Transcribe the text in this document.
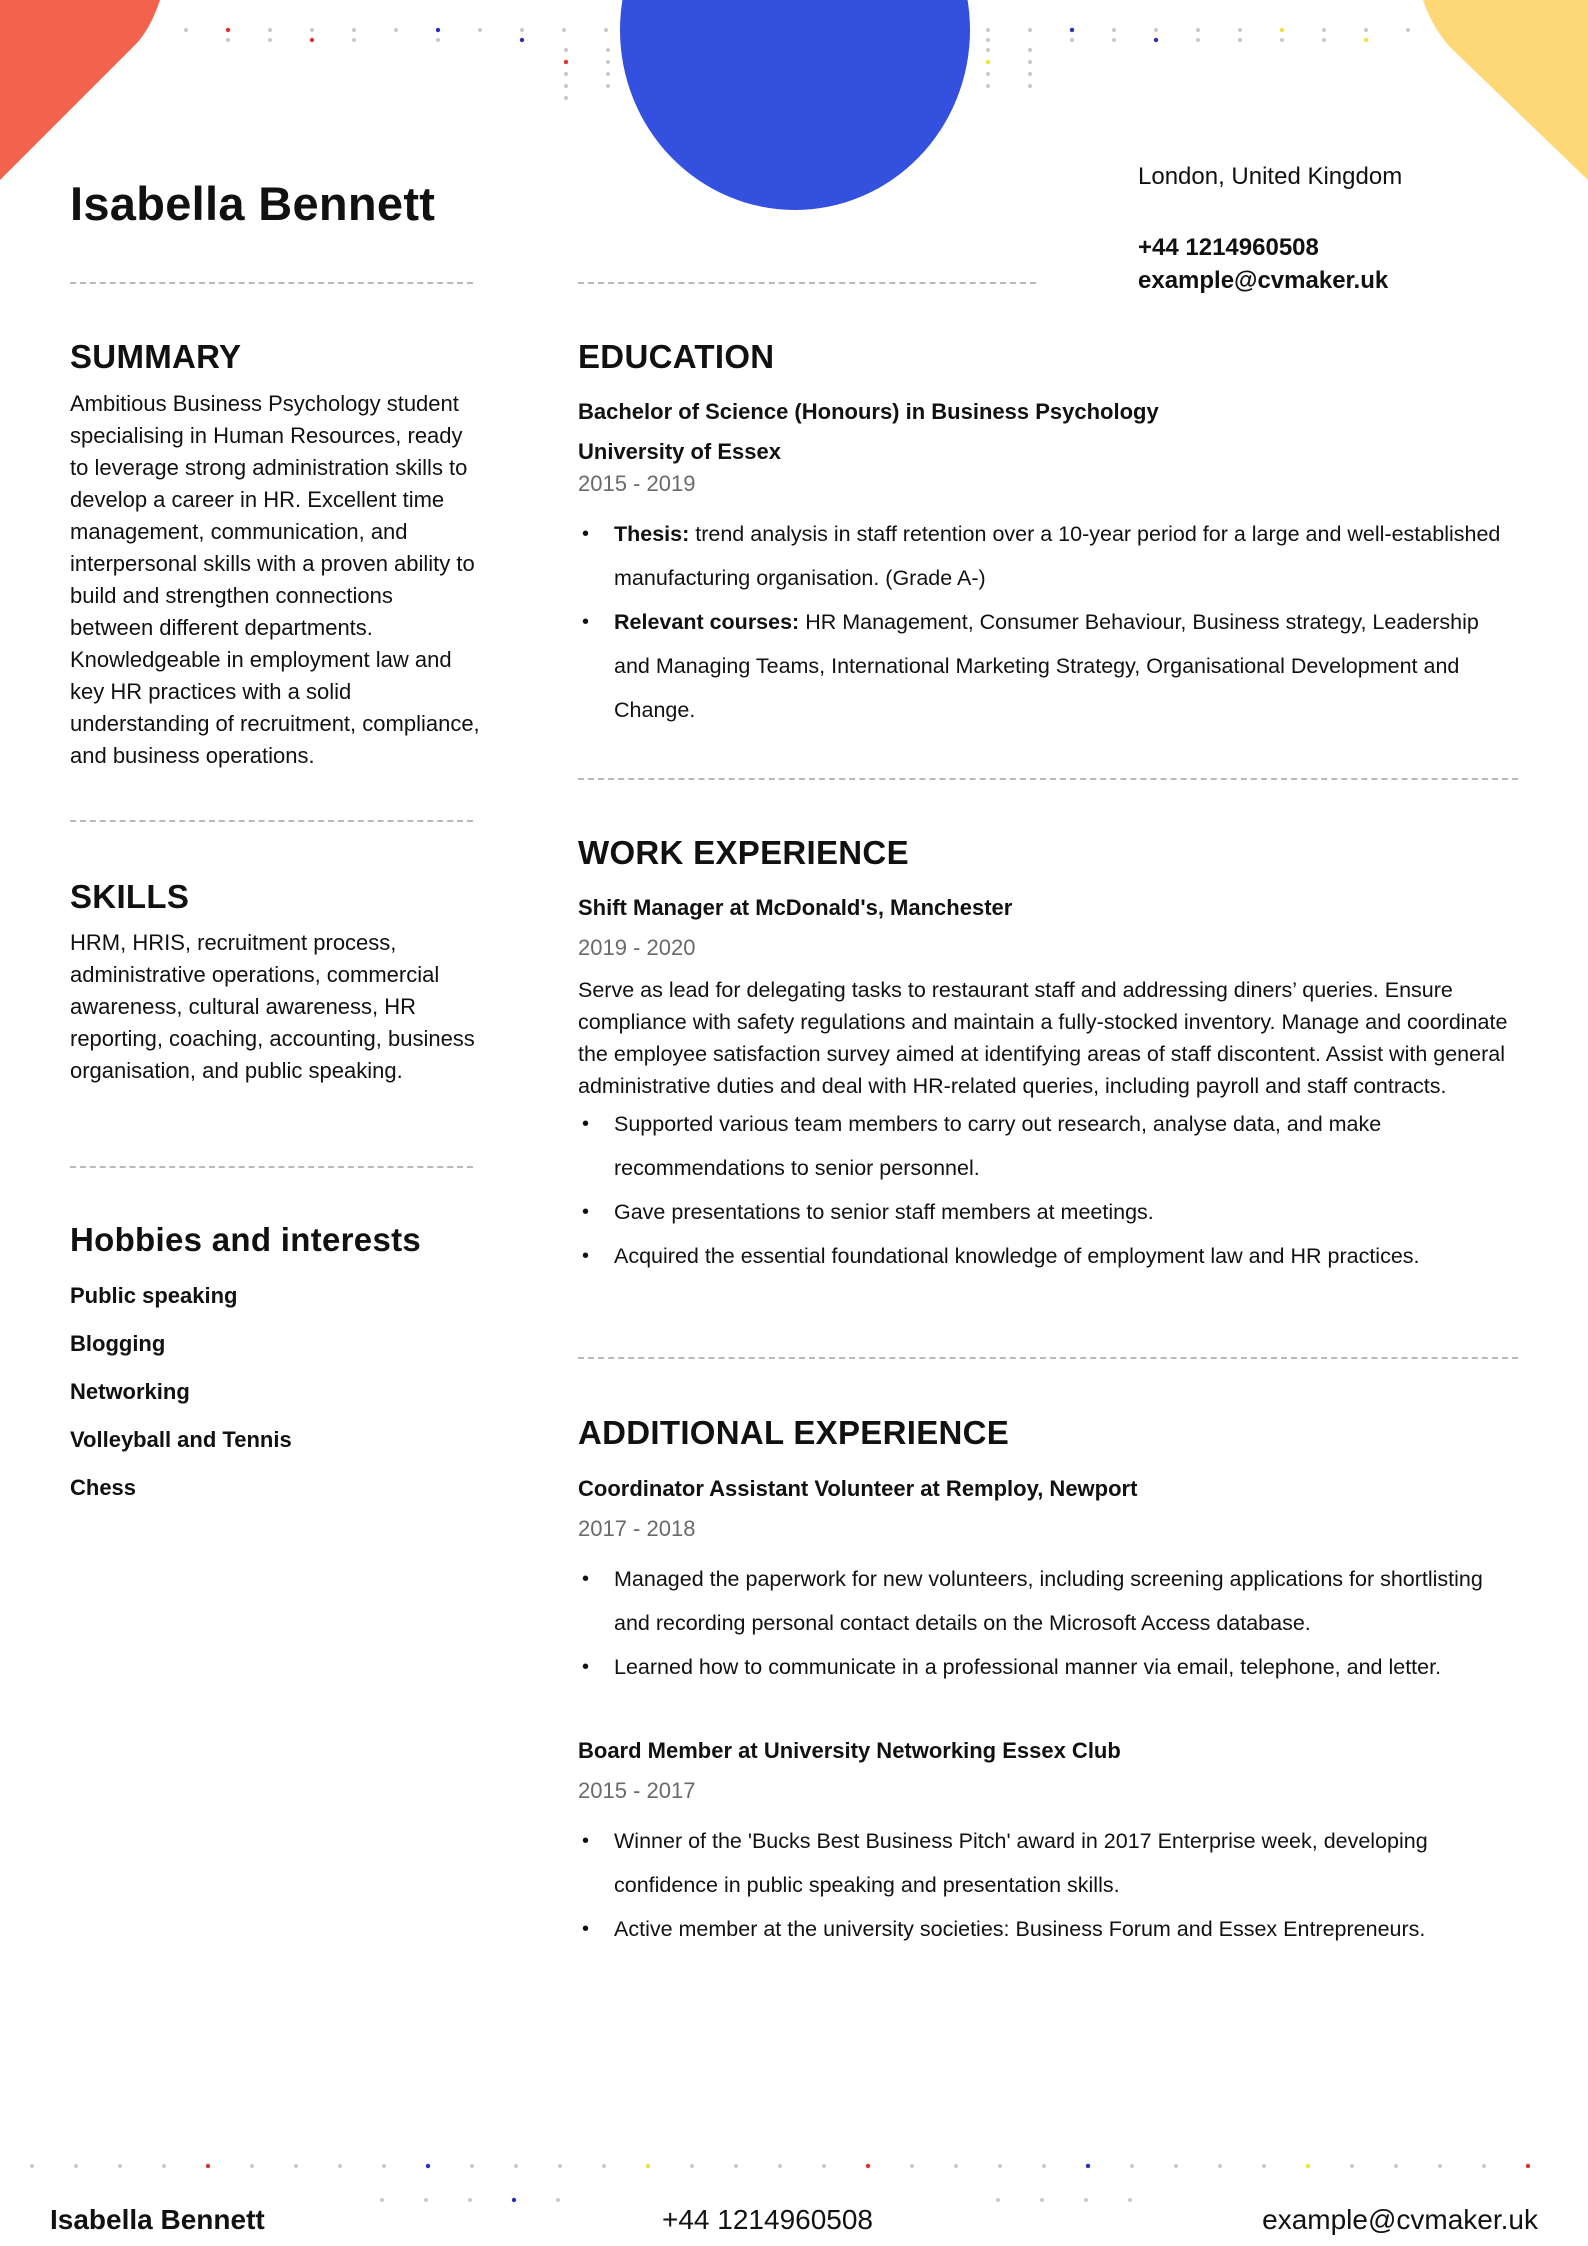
Isabella Bennett
London, United Kingdom
+44 1214960508
example@cvmaker.uk
SUMMARY
Ambitious Business Psychology student specialising in Human Resources, ready to leverage strong administration skills to develop a career in HR. Excellent time management, communication, and interpersonal skills with a proven ability to build and strengthen connections between different departments. Knowledgeable in employment law and key HR practices with a solid understanding of recruitment, compliance, and business operations.
SKILLS
HRM, HRIS, recruitment process, administrative operations, commercial awareness, cultural awareness, HR reporting, coaching, accounting, business organisation, and public speaking.
Hobbies and interests
Public speaking
Blogging
Networking
Volleyball and Tennis
Chess
EDUCATION
Bachelor of Science (Honours) in Business Psychology
University of Essex
2015 - 2019
• Thesis: trend analysis in staff retention over a 10-year period for a large and well-established manufacturing organisation. (Grade A-)
• Relevant courses: HR Management, Consumer Behaviour, Business strategy, Leadership and Managing Teams, International Marketing Strategy, Organisational Development and Change.
WORK EXPERIENCE
Shift Manager at McDonald's, Manchester
2019 - 2020
Serve as lead for delegating tasks to restaurant staff and addressing diners’ queries. Ensure compliance with safety regulations and maintain a fully-stocked inventory. Manage and coordinate the employee satisfaction survey aimed at identifying areas of staff discontent. Assist with general administrative duties and deal with HR-related queries, including payroll and staff contracts.
• Supported various team members to carry out research, analyse data, and make recommendations to senior personnel.
• Gave presentations to senior staff members at meetings.
• Acquired the essential foundational knowledge of employment law and HR practices.
ADDITIONAL EXPERIENCE
Coordinator Assistant Volunteer at Remploy, Newport
2017 - 2018
• Managed the paperwork for new volunteers, including screening applications for shortlisting and recording personal contact details on the Microsoft Access database.
• Learned how to communicate in a professional manner via email, telephone, and letter.
Board Member at University Networking Essex Club
2015 - 2017
• Winner of the 'Bucks Best Business Pitch' award in 2017 Enterprise week, developing confidence in public speaking and presentation skills.
• Active member at the university societies: Business Forum and Essex Entrepreneurs.
Isabella Bennett	+44 1214960508	example@cvmaker.uk
